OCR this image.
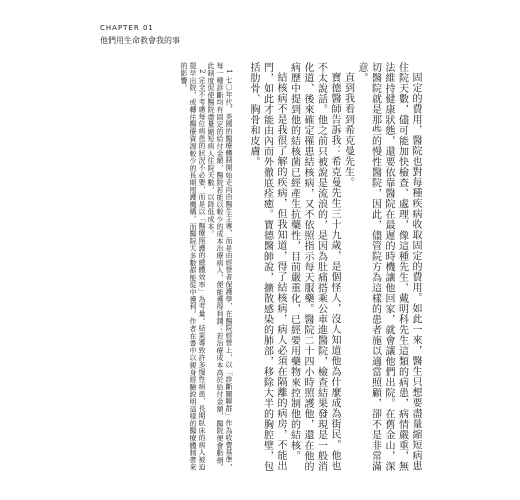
CHAPTER 01
他們用生命救會我的事

固定的費用，醫院也對每種疾病收取固定的費用。如此一來，醫生只想要盡量縮短病患住院天數，儘可能加快檢查、處理，像這種先生、戴明科先生這類的病患，病情嚴重，無法維持健康狀態，還要依靠醫院在最遲的時機讓他回家，就會讓他們出院。在舊金山，深切醫院就是那些的慢性醫院，因此，儘管院方為這樣的患者施以適當照顧，卻不是非常滿意。

直到我看到希克曼先生。

寶德醫師告訴我：希克曼先生三十九歲，是個怪人，沒人知道他為什麼成為街民。他也不太說話。他之前只被說是流浪的，是因為肚痛搭乘公車進醫院，檢查結果發現是一般消化道、後來確定罹患結核病，又不依照指示每天服藥。醫院二十四小時照護他，還在他的病歷中提到他的結核菌已經產生抗藥性，目前嚴重化，已經要用藥物來控制他的結核。

結核病不是我很了解的疾病，但我知道，得了結核病，病人必須在隔離的病房，不能出門，如此才能由內而外徹底痊癒。寶德醫師說，擴散感染的肺部，移除大半的胸腔壁，包括肋骨、胸骨和皮膚。

1 七〇年代，美國的醫療體制開始走向由醫生主導，而是由經營者保護學，在醫院經營上，以「診斷關聯群」作為收費基準，每一種診斷均有固定的給付金額，醫院若能以較少的成本治療病人，便能獲得利潤；若治療成本高於給付金額，醫院便會虧損。此制度促使醫院盡量縮短病人住院天數，以降低成本。

2 完全不考慮每位病患的狀況不必要，而是以「醫療照護的總體效率」為考量。結果導致許多慢性病患、長期臥床的病人被迫提早出院，或轉往醫療資源較少的長期照護機構。而醫院大多數都能從中獲利。作者在書中以親身經驗說明這樣的醫療體制帶來的影響。
